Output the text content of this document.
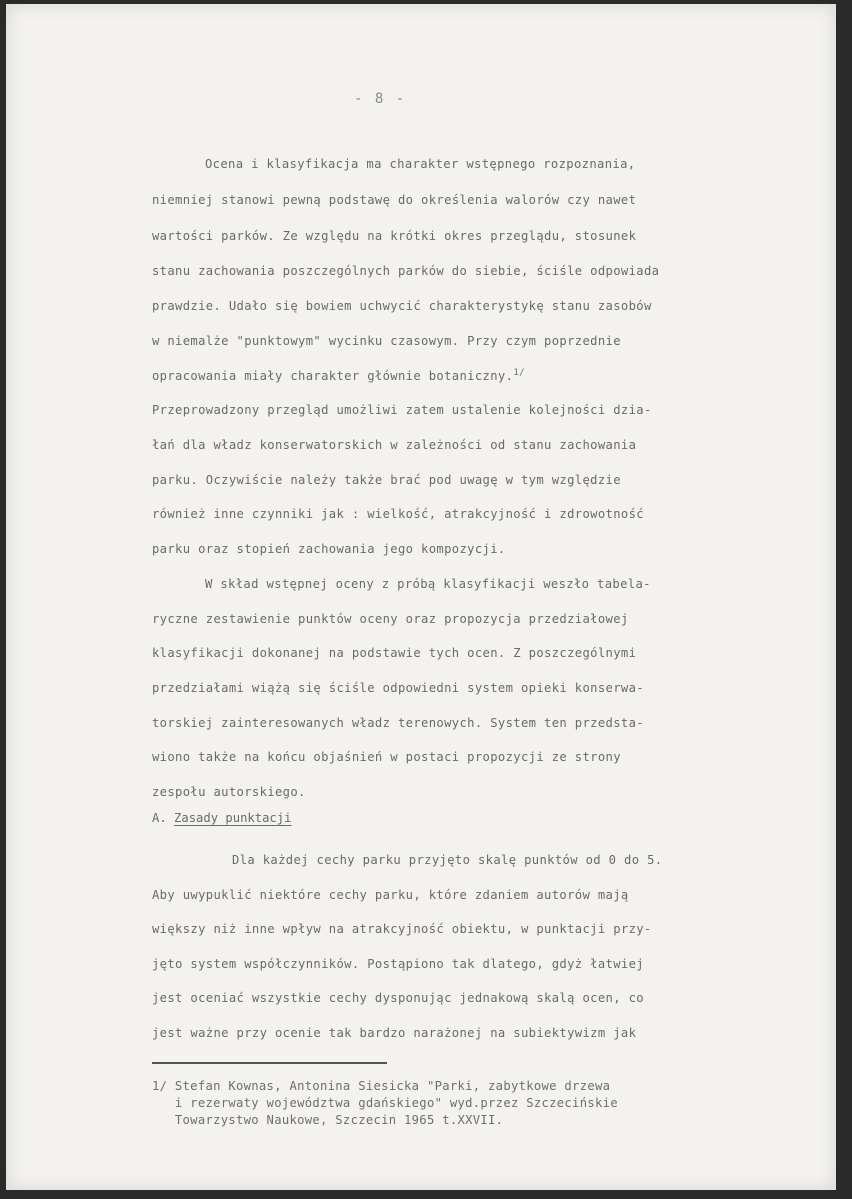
- 8 -
Ocena i klasyfikacja ma charakter wstępnego rozpoznania,
niemniej stanowi pewną podstawę do określenia walorów czy nawet
wartości parków. Ze względu na krótki okres przeglądu, stosunek
stanu zachowania poszczególnych parków do siebie, ściśle odpowiada
prawdzie. Udało się bowiem uchwycić charakterystykę stanu zasobów
w niemalże "punktowym" wycinku czasowym. Przy czym poprzednie
opracowania miały charakter głównie botaniczny.$^{1/}$
Przeprowadzony przegląd umożliwi zatem ustalenie kolejności dzia-
łań dla władz konserwatorskich w zależności od stanu zachowania
parku. Oczywiście należy także brać pod uwagę w tym względzie
również inne czynniki jak : wielkość, atrakcyjność i zdrowotność
parku oraz stopień zachowania jego kompozycji.
W skład wstępnej oceny z próbą klasyfikacji weszło tabela-
ryczne zestawienie punktów oceny oraz propozycja przedziałowej
klasyfikacji dokonanej na podstawie tych ocen. Z poszczególnymi
przedziałami wiążą się ściśle odpowiedni system opieki konserwa-
torskiej zainteresowanych władz terenowych. System ten przedsta-
wiono także na końcu objaśnień w postaci propozycji ze strony
zespołu autorskiego.
A. Zasady punktacji
Dla każdej cechy parku przyjęto skalę punktów od 0 do 5.
Aby uwypuklić niektóre cechy parku, które zdaniem autorów mają
większy niż inne wpływ na atrakcyjność obiektu, w punktacji przy-
jęto system współczynników. Postąpiono tak dlatego, gdyż łatwiej
jest oceniać wszystkie cechy dysponując jednakową skalą ocen, co
jest ważne przy ocenie tak bardzo narażonej na subiektywizm jak
1/ Stefan Kownas, Antonina Siesicka "Parki, zabytkowe drzewa
i rezerwaty województwa gdańskiego" wyd.przez Szczecińskie
Towarzystwo Naukowe, Szczecin 1965 t.XXVII.
